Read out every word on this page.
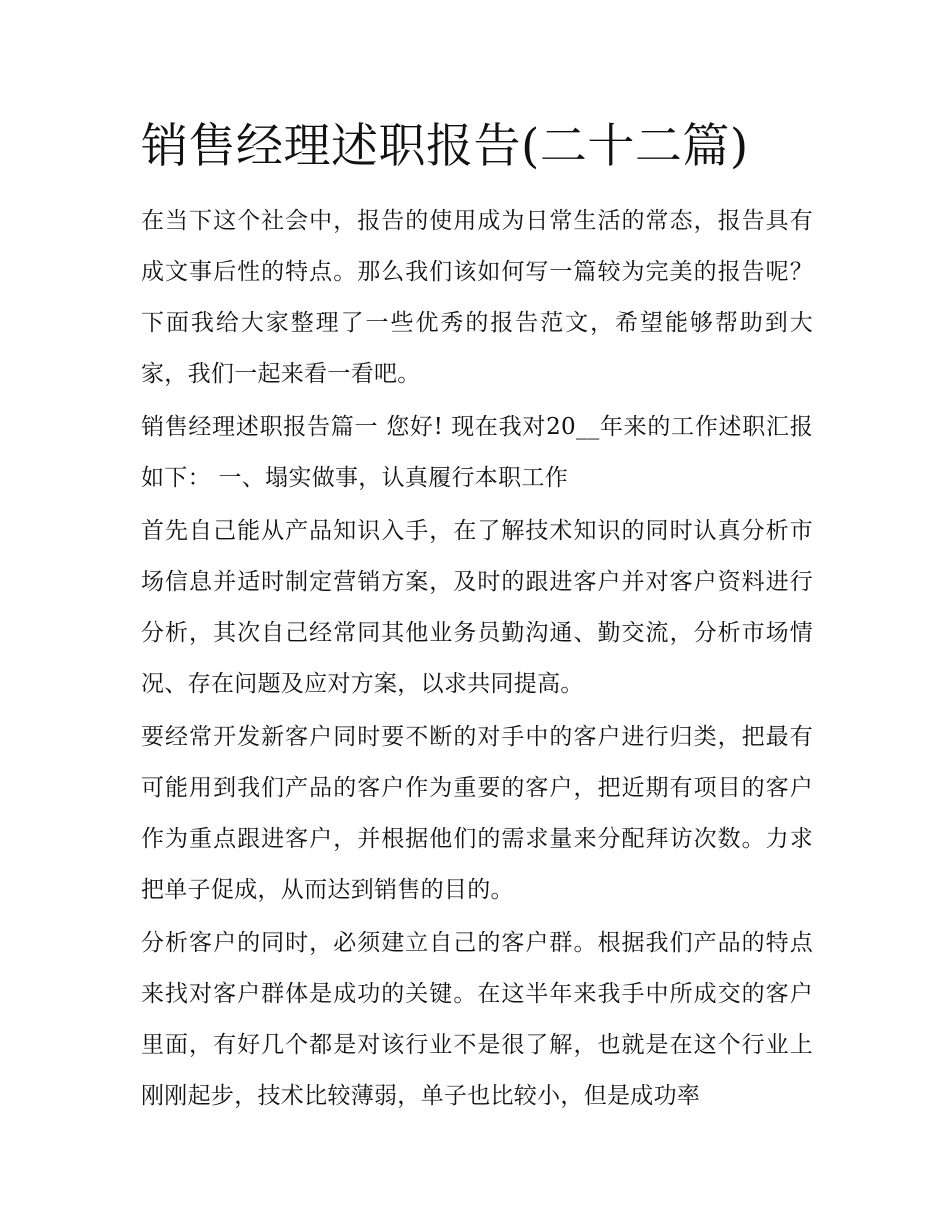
销售经理述职报告(二十二篇)

在当下这个社会中，报告的使用成为日常生活的常态，报告具有成文事后性的特点。那么我们该如何写一篇较为完美的报告呢？下面我给大家整理了一些优秀的报告范文，希望能够帮助到大家，我们一起来看一看吧。

销售经理述职报告篇一 您好! 现在我对20__年来的工作述职汇报如下： 一、塌实做事，认真履行本职工作

首先自己能从产品知识入手，在了解技术知识的同时认真分析市场信息并适时制定营销方案，及时的跟进客户并对客户资料进行分析，其次自己经常同其他业务员勤沟通、勤交流，分析市场情况、存在问题及应对方案，以求共同提高。

要经常开发新客户同时要不断的对手中的客户进行归类，把最有可能用到我们产品的客户作为重要的客户，把近期有项目的客户作为重点跟进客户，并根据他们的需求量来分配拜访次数。力求把单子促成，从而达到销售的目的。

分析客户的同时，必须建立自己的客户群。根据我们产品的特点来找对客户群体是成功的关键。在这半年来我手中所成交的客户里面，有好几个都是对该行业不是很了解，也就是在这个行业上刚刚起步，技术比较薄弱，单子也比较小，但是成功率
